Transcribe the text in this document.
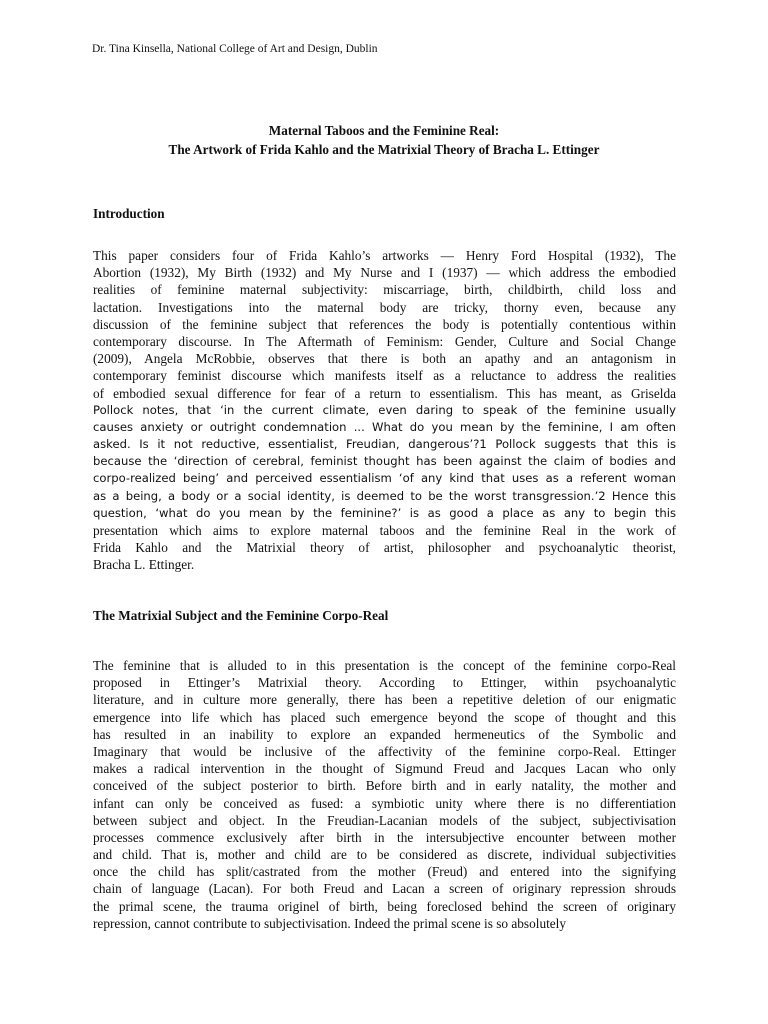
Dr. Tina Kinsella, National College of Art and Design, Dublin
Maternal Taboos and the Feminine Real:
The Artwork of Frida Kahlo and the Matrixial Theory of Bracha L. Ettinger
Introduction
This paper considers four of Frida Kahlo’s artworks — Henry Ford Hospital (1932), The
Abortion (1932), My Birth (1932) and My Nurse and I (1937) — which address the embodied
realities of feminine maternal subjectivity: miscarriage, birth, childbirth, child loss and
lactation. Investigations into the maternal body are tricky, thorny even, because any
discussion of the feminine subject that references the body is potentially contentious within
contemporary discourse. In The Aftermath of Feminism: Gender, Culture and Social Change
(2009), Angela McRobbie, observes that there is both an apathy and an antagonism in
contemporary feminist discourse which manifests itself as a reluctance to address the realities
of embodied sexual difference for fear of a return to essentialism. This has meant, as Griselda
Pollock notes, that ‘in the current climate, even daring to speak of the feminine usually
causes anxiety or outright condemnation ... What do you mean by the feminine, I am often
asked. Is it not reductive, essentialist, Freudian, dangerous’?1 Pollock suggests that this is
because the ‘direction of cerebral, feminist thought has been against the claim of bodies and
corpo-realized being’ and perceived essentialism ‘of any kind that uses as a referent woman
as a being, a body or a social identity, is deemed to be the worst transgression.’2 Hence this
question, ‘what do you mean by the feminine?’ is as good a place as any to begin this
presentation which aims to explore maternal taboos and the feminine Real in the work of
Frida Kahlo and the Matrixial theory of artist, philosopher and psychoanalytic theorist,
Bracha L. Ettinger.
The Matrixial Subject and the Feminine Corpo-Real
The feminine that is alluded to in this presentation is the concept of the feminine corpo-Real
proposed in Ettinger’s Matrixial theory. According to Ettinger, within psychoanalytic
literature, and in culture more generally, there has been a repetitive deletion of our enigmatic
emergence into life which has placed such emergence beyond the scope of thought and this
has resulted in an inability to explore an expanded hermeneutics of the Symbolic and
Imaginary that would be inclusive of the affectivity of the feminine corpo-Real. Ettinger
makes a radical intervention in the thought of Sigmund Freud and Jacques Lacan who only
conceived of the subject posterior to birth. Before birth and in early natality, the mother and
infant can only be conceived as fused: a symbiotic unity where there is no differentiation
between subject and object. In the Freudian-Lacanian models of the subject, subjectivisation
processes commence exclusively after birth in the intersubjective encounter between mother
and child. That is, mother and child are to be considered as discrete, individual subjectivities
once the child has split/castrated from the mother (Freud) and entered into the signifying
chain of language (Lacan). For both Freud and Lacan a screen of originary repression shrouds
the primal scene, the trauma originel of birth, being foreclosed behind the screen of originary
repression, cannot contribute to subjectivisation. Indeed the primal scene is so absolutely
